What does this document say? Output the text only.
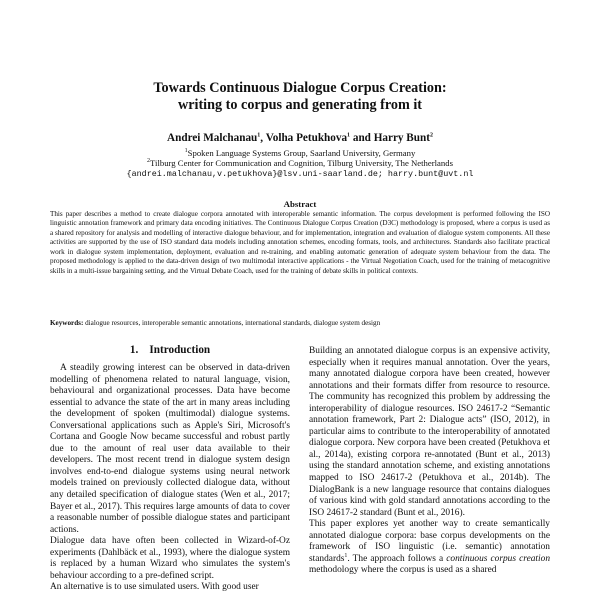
Towards Continuous Dialogue Corpus Creation:
writing to corpus and generating from it
Andrei Malchanau$^1$, Volha Petukhova$^1$ and Harry Bunt$^2$
$^1$Spoken Language Systems Group, Saarland University, Germany
$^2$Tilburg Center for Communication and Cognition, Tilburg University, The Netherlands
{andrei.malchanau,v.petukhova}@lsv.uni-saarland.de; harry.bunt@uvt.nl
Abstract
This paper describes a method to create dialogue corpora annotated with interoperable semantic information. The corpus development is performed following the ISO linguistic annotation framework and primary data encoding initiatives. The Continuous Dialogue Corpus Creation (D3C) methodology is proposed, where a corpus is used as a shared repository for analysis and modelling of interactive dialogue behaviour, and for implementation, integration and evaluation of dialogue system components. All these activities are supported by the use of ISO standard data models including annotation schemes, encoding formats, tools, and architectures. Standards also facilitate practical work in dialogue system implementation, deployment, evaluation and re-training, and enabling automatic generation of adequate system behaviour from the data. The proposed methodology is applied to the data-driven design of two multimodal interactive applications - the Virtual Negotiation Coach, used for the training of metacognitive skills in a multi-issue bargaining setting, and the Virtual Debate Coach, used for the training of debate skills in political contexts.
Keywords: dialogue resources, interoperable semantic annotations, international standards, dialogue system design
1.    Introduction

A steadily growing interest can be observed in data-driven modelling of phenomena related to natural language, vision, behavioural and organizational processes. Data have become essential to advance the state of the art in many areas including the development of spoken (multimodal) dialogue systems. Conversational applications such as Apple's Siri, Microsoft's Cortana and Google Now became successful and robust partly due to the amount of real user data available to their developers. The most recent trend in dialogue system design involves end-to-end dialogue systems using neural network models trained on previously collected dialogue data, without any detailed specification of dialogue states (Wen et al., 2017; Bayer et al., 2017). This requires large amounts of data to cover a reasonable number of possible dialogue states and participant actions.

Dialogue data have often been collected in Wizard-of-Oz experiments (Dahlbäck et al., 1993), where the dialogue system is replaced by a human Wizard who simulates the system's behaviour according to a pre-defined script.

An alternative is to use simulated users. With good user

Building an annotated dialogue corpus is an expensive activity, especially when it requires manual annotation. Over the years, many annotated dialogue corpora have been created, however annotations and their formats differ from resource to resource. The community has recognized this problem by addressing the interoperability of dialogue resources. ISO 24617-2 “Semantic annotation framework, Part 2: Dialogue acts” (ISO, 2012), in particular aims to contribute to the interoperability of annotated dialogue corpora. New corpora have been created (Petukhova et al., 2014a), existing corpora re-annotated (Bunt et al., 2013) using the standard annotation scheme, and existing annotations mapped to ISO 24617-2 (Petukhova et al., 2014b). The DialogBank is a new language resource that contains dialogues of various kind with gold standard annotations according to the ISO 24617-2 standard (Bunt et al., 2016).

This paper explores yet another way to create semantically annotated dialogue corpora: base corpus developments on the framework of ISO linguistic (i.e. semantic) annotation standards$^1$. The approach follows a continuous corpus creation methodology where the corpus is used as a shared
